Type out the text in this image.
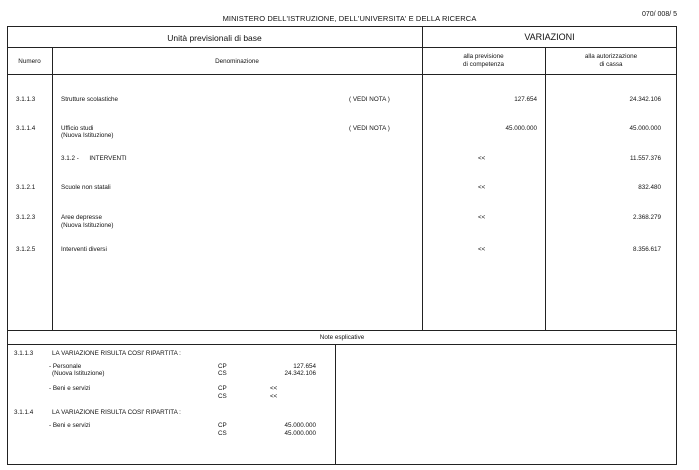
MINISTERO DELL'ISTRUZIONE, DELL'UNIVERSITA' E DELLA RICERCA	070/ 008/ 5
Unità previsionali di base	VARIAZIONI
Numero	Denominazione
alla previsione
di competenza
alla autorizzazione
di cassa
3.1.1.3	Strutture scolastiche	( VEDI NOTA )	127.654	24.342.106
3.1.1.4	Ufficio studi
(Nuova Istituzione)
( VEDI NOTA )	45.000.000	45.000.000
3.1.2 -      INTERVENTI	<<	11.557.376
3.1.2.1	Scuole non statali	<<	832.480
3.1.2.3	Aree depresse
(Nuova Istituzione)
<<	2.368.279
3.1.2.5	Interventi diversi	<<	8.356.617
Note esplicative
3.1.1.3	LA VARIAZIONE RISULTA COSI' RIPARTITA :
- Personale	CP	127.654
(Nuova Istituzione)	CS	24.342.106
- Beni e servizi	CP	<<
CS	<<
3.1.1.4	LA VARIAZIONE RISULTA COSI' RIPARTITA :
- Beni e servizi	CP	45.000.000
CS	45.000.000
